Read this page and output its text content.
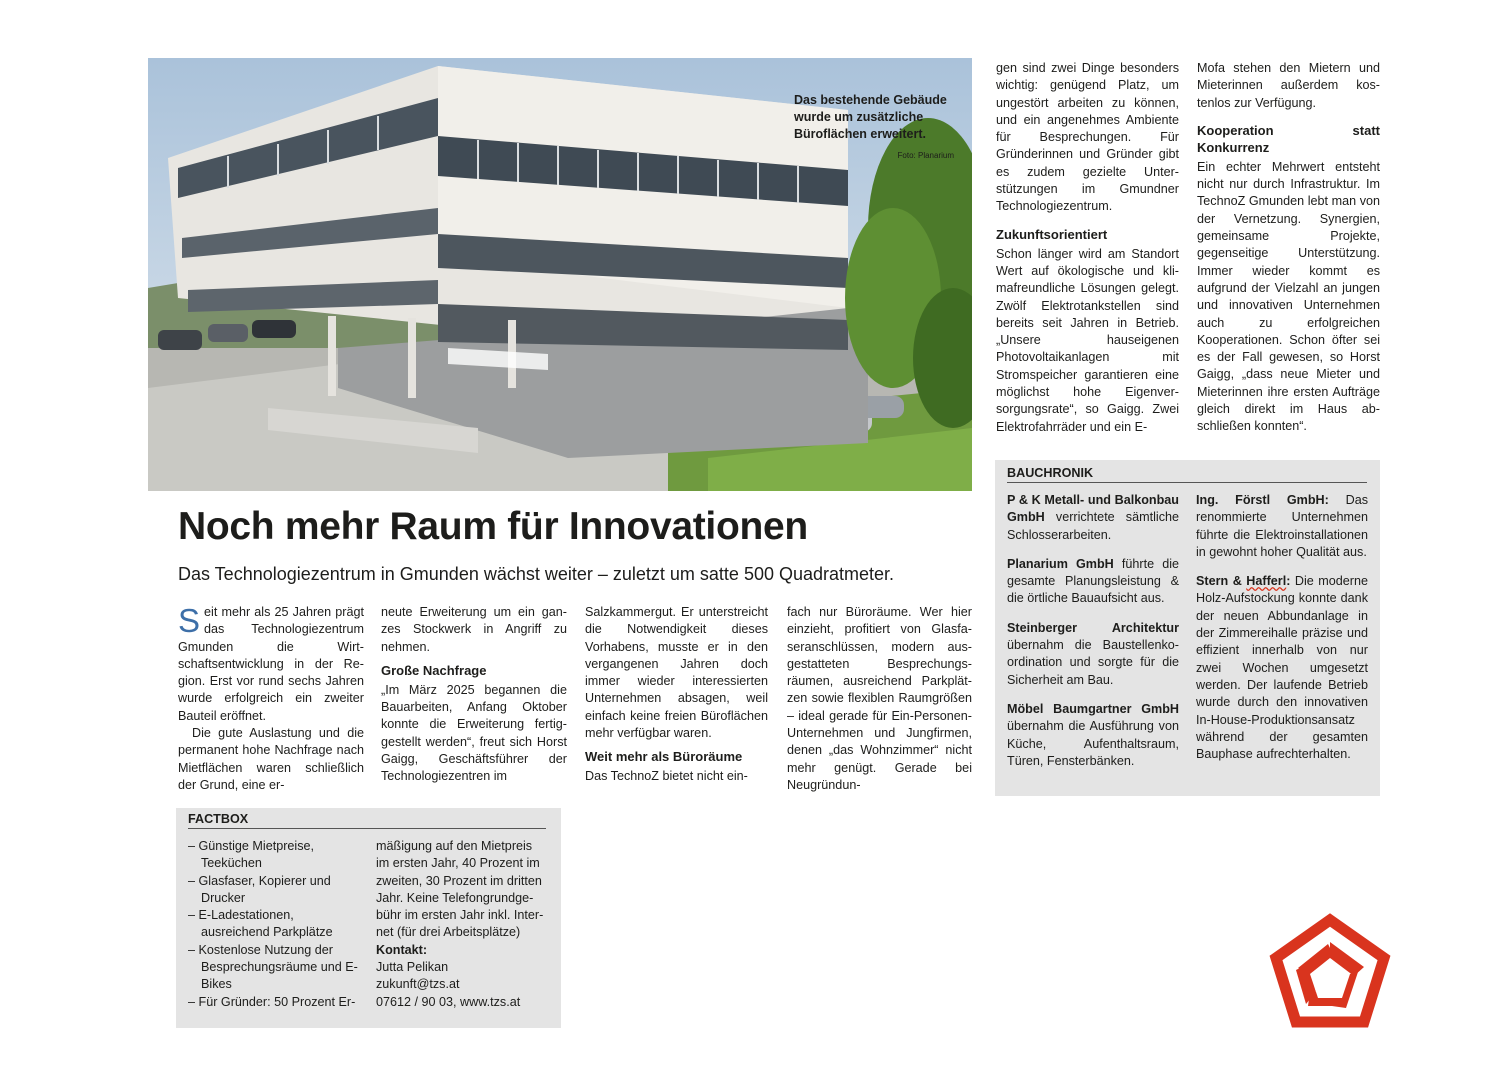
Das bestehende Gebäude wurde um zusätzliche Büroflächen erweitert.
Foto: Planarium
Noch mehr Raum für Innovationen

Das Technologiezentrum in Gmunden wächst weiter – zuletzt um satte 500 Quadratmeter.

Seit mehr als 25 Jahren prägt das Technologiezentrum Gmunden die Wirtschaftsentwicklung in der Region. Erst vor rund sechs Jahren wurde erfolgreich ein zweiter Bauteil eröffnet.

Die gute Auslastung und die permanent hohe Nachfrage nach Mietflächen waren schließlich der Grund, eine er-

neute Erweiterung um ein ganzes Stockwerk in Angriff zu nehmen.

Große Nachfrage

„Im März 2025 begannen die Bauarbeiten, Anfang Oktober konnte die Erweiterung fertiggestellt werden“, freut sich Horst Gaigg, Geschäftsführer der Technologiezentren im

Salzkammergut. Er unterstreicht die Notwendigkeit dieses Vorhabens, musste er in den vergangenen Jahren doch immer wieder interessierten Unternehmen absagen, weil einfach keine freien Büroflächen mehr verfügbar waren.

Weit mehr als Büroräume

Das TechnoZ bietet nicht ein-

fach nur Büroräume. Wer hier einzieht, profitiert von Glasfaseranschlüssen, modern ausgestatteten Besprechungsräumen, ausreichend Parkplätzen sowie flexiblen Raumgrößen – ideal gerade für Ein-Personen-Unternehmen und Jungfirmen, denen „das Wohnzimmer“ nicht mehr genügt. Gerade bei Neugründun-

gen sind zwei Dinge besonders wichtig: genügend Platz, um ungestört arbeiten zu können, und ein angenehmes Ambiente für Besprechungen. Für Gründerinnen und Gründer gibt es zudem gezielte Unterstützungen im Gmundner Technologiezentrum.

Zukunftsorientiert

Schon länger wird am Standort Wert auf ökologische und klimafreundliche Lösungen gelegt. Zwölf Elektrotankstellen sind bereits seit Jahren in Betrieb. „Unsere hauseigenen Photovoltaikanlagen mit Stromspeicher garantieren eine möglichst hohe Eigenversorgungsrate“, so Gaigg. Zwei Elektrofahrräder und ein E-

Mofa stehen den Mietern und Mieterinnen außerdem kostenlos zur Verfügung.

Kooperation statt Konkurrenz

Ein echter Mehrwert entsteht nicht nur durch Infrastruktur. Im TechnoZ Gmunden lebt man von der Vernetzung. Synergien, gemeinsame Projekte, gegenseitige Unterstützung. Immer wieder kommt es aufgrund der Vielzahl an jungen und innovativen Unternehmen auch zu erfolgreichen Kooperationen. Schon öfter sei es der Fall gewesen, so Horst Gaigg, „dass neue Mieter und Mieterinnen ihre ersten Aufträge gleich direkt im Haus abschließen konnten“.

FACTBOX
– Günstige Mietpreise, Teeküchen
– Glasfaser, Kopierer und Drucker
– E-Ladestationen, ausreichend Parkplätze
– Kostenlose Nutzung der Besprechungsräume und E-Bikes
– Für Gründer: 50 Prozent Er-
mäßigung auf den Mietpreis im ersten Jahr, 40 Prozent im zweiten, 30 Prozent im dritten Jahr. Keine Telefongrundgebühr im ersten Jahr inkl. Internet (für drei Arbeitsplätze)
Kontakt:
Jutta Pelikan
zukunft@tzs.at
07612 / 90 03, www.tzs.at
BAUCHRONIK

P & K Metall- und Balkonbau GmbH verrichtete sämtliche Schlosserarbeiten.

Planarium GmbH führte die gesamte Planungsleistung & die örtliche Bauaufsicht aus.

Steinberger Architektur übernahm die Baustellenkoordination und sorgte für die Sicherheit am Bau.

Möbel Baumgartner GmbH übernahm die Ausführung von Küche, Aufenthaltsraum, Türen, Fensterbänken.

Ing. Förstl GmbH: Das renommierte Unternehmen führte die Elektroinstallationen in gewohnt hoher Qualität aus.

Stern & Hafferl: Die moderne Holz-Aufstockung konnte dank der neuen Abbundanlage in der Zimmereihalle präzise und effizient innerhalb von nur zwei Wochen umgesetzt werden. Der laufende Betrieb wurde durch den innovativen In-House-Produktionsansatz während der gesamten Bauphase aufrechterhalten.
